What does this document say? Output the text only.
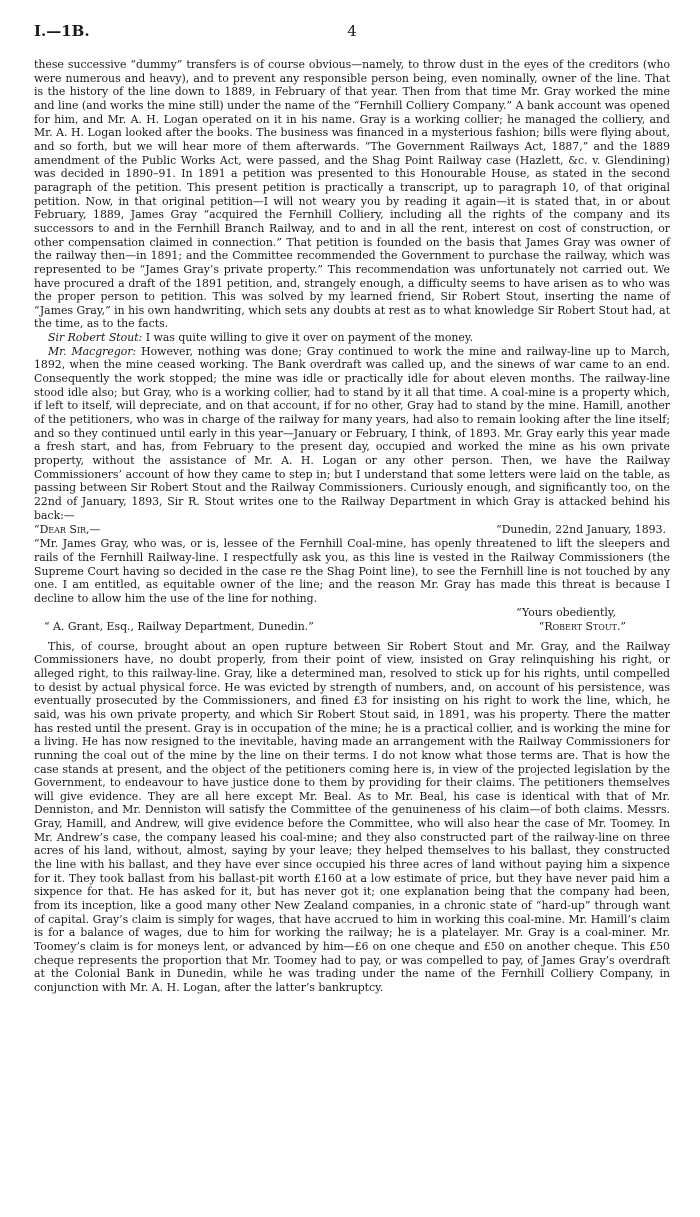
I.—1B.	4

these successive “dummy” transfers is of course obvious—namely, to throw dust in the eyes of the creditors (who were numerous and heavy), and to prevent any responsible person being, even nominally, owner of the line. That is the history of the line down to 1889, in February of that year. Then from that time Mr. Gray worked the mine and line (and works the mine still) under the name of the “Fernhill Colliery Company.” A bank account was opened for him, and Mr. A. H. Logan operated on it in his name. Gray is a working collier; he managed the colliery, and Mr. A. H. Logan looked after the books. The business was financed in a mysterious fashion; bills were flying about, and so forth, but we will hear more of them afterwards. “The Government Railways Act, 1887,” and the 1889 amendment of the Public Works Act, were passed, and the Shag Point Railway case (Hazlett, &c. v. Glendining) was decided in 1890–91. In 1891 a petition was presented to this Honourable House, as stated in the second paragraph of the petition. This present petition is practically a transcript, up to paragraph 10, of that original petition. Now, in that original petition—I will not weary you by reading it again—it is stated that, in or about February, 1889, James Gray “acquired the Fernhill Colliery, including all the rights of the company and its successors to and in the Fernhill Branch Railway, and to and in all the rent, interest on cost of construction, or other compensation claimed in connection.” That petition is founded on the basis that James Gray was owner of the railway then—in 1891; and the Committee recommended the Government to purchase the railway, which was represented to be “James Gray’s private property.” This recommendation was unfortunately not carried out. We have procured a draft of the 1891 petition, and, strangely enough, a difficulty seems to have arisen as to who was the proper person to petition. This was solved by my learned friend, Sir Robert Stout, inserting the name of “James Gray,” in his own handwriting, which sets any doubts at rest as to what knowledge Sir Robert Stout had, at the time, as to the facts.

Sir Robert Stout: I was quite willing to give it over on payment of the money.

Mr. Macgregor: However, nothing was done; Gray continued to work the mine and railway-line up to March, 1892, when the mine ceased working. The Bank overdraft was called up, and the sinews of war came to an end. Consequently the work stopped; the mine was idle or practically idle for about eleven months. The railway-line stood idle also; but Gray, who is a working collier, had to stand by it all that time. A coal-mine is a property which, if left to itself, will depreciate, and on that account, if for no other, Gray had to stand by the mine. Hamill, another of the petitioners, who was in charge of the railway for many years, had also to remain looking after the line itself; and so they continued until early in this year—January or February, I think, of 1893. Mr. Gray early this year made a fresh start, and has, from February to the present day, occupied and worked the mine as his own private property, without the assistance of Mr. A. H. Logan or any other person. Then, we have the Railway Commissioners’ account of how they came to step in; but I understand that some letters were laid on the table, as passing between Sir Robert Stout and the Railway Commissioners. Curiously enough, and significantly too, on the 22nd of January, 1893, Sir R. Stout writes one to the Railway Department in which Gray is attacked behind his back:—

“Dear Sir,—	“Dunedin, 22nd January, 1893.

“Mr. James Gray, who was, or is, lessee of the Fernhill Coal-mine, has openly threatened to lift the sleepers and rails of the Fernhill Railway-line. I respectfully ask you, as this line is vested in the Railway Commissioners (the Supreme Court having so decided in the case re the Shag Point line), to see the Fernhill line is not touched by any one. I am entitled, as equitable owner of the line; and the reason Mr. Gray has made this threat is because I decline to allow him the use of the line for nothing.

“Yours obediently,
“ A. Grant, Esq., Railway Department, Dunedin.”	“Robert Stout.”

This, of course, brought about an open rupture between Sir Robert Stout and Mr. Gray, and the Railway Commissioners have, no doubt properly, from their point of view, insisted on Gray relinquishing his right, or alleged right, to this railway-line. Gray, like a determined man, resolved to stick up for his rights, until compelled to desist by actual physical force. He was evicted by strength of numbers, and, on account of his persistence, was eventually prosecuted by the Commissioners, and fined £3 for insisting on his right to work the line, which, he said, was his own private property, and which Sir Robert Stout said, in 1891, was his property. There the matter has rested until the present. Gray is in occupation of the mine; he is a practical collier, and is working the mine for a living. He has now resigned to the inevitable, having made an arrangement with the Railway Commissioners for running the coal out of the mine by the line on their terms. I do not know what those terms are. That is how the case stands at present, and the object of the petitioners coming here is, in view of the projected legislation by the Government, to endeavour to have justice done to them by providing for their claims. The petitioners themselves will give evidence. They are all here except Mr. Beal. As to Mr. Beal, his case is identical with that of Mr. Denniston, and Mr. Denniston will satisfy the Committee of the genuineness of his claim—of both claims. Messrs. Gray, Hamill, and Andrew, will give evidence before the Committee, who will also hear the case of Mr. Toomey. In Mr. Andrew’s case, the company leased his coal-mine; and they also constructed part of the railway-line on three acres of his land, without, almost, saying by your leave; they helped themselves to his ballast, they constructed the line with his ballast, and they have ever since occupied his three acres of land without paying him a sixpence for it. They took ballast from his ballast-pit worth £160 at a low estimate of price, but they have never paid him a sixpence for that. He has asked for it, but has never got it; one explanation being that the company had been, from its inception, like a good many other New Zealand companies, in a chronic state of “hard-up” through want of capital. Gray’s claim is simply for wages, that have accrued to him in working this coal-mine. Mr. Hamill’s claim is for a balance of wages, due to him for working the railway; he is a platelayer. Mr. Gray is a coal-miner. Mr. Toomey’s claim is for moneys lent, or advanced by him—£6 on one cheque and £50 on another cheque. This £50 cheque represents the proportion that Mr. Toomey had to pay, or was compelled to pay, of James Gray’s overdraft at the Colonial Bank in Dunedin, while he was trading under the name of the Fernhill Colliery Company, in conjunction with Mr. A. H. Logan, after the latter’s bankruptcy.
